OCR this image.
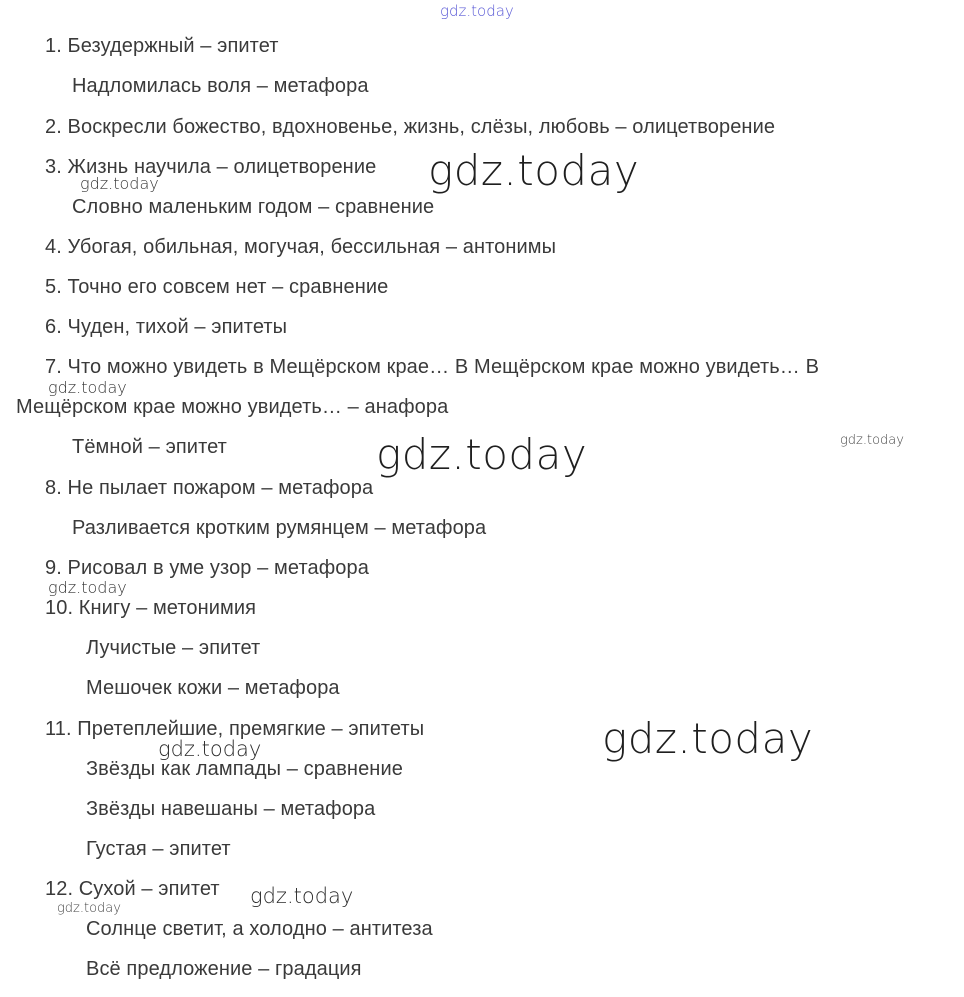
1. Безудержный – эпитет
Надломилась воля – метафора
2. Воскресли божество, вдохновенье, жизнь, слёзы, любовь – олицетворение
3. Жизнь научила – олицетворение
Словно маленьким годом – сравнение
4. Убогая, обильная, могучая, бессильная – антонимы
5. Точно его совсем нет – сравнение
6. Чуден, тихой – эпитеты
7. Что можно увидеть в Мещёрском крае… В Мещёрском крае можно увидеть… В
Мещёрском крае можно увидеть… – анафора
Тёмной – эпитет
8. Не пылает пожаром – метафора
Разливается кротким румянцем – метафора
9. Рисовал в уме узор – метафора
10. Книгу – метонимия
Лучистые – эпитет
Мешочек кожи – метафора
11. Претеплейшие, премягкие – эпитеты
Звёзды как лампады – сравнение
Звёзды навешаны – метафора
Густая – эпитет
12. Сухой – эпитет
Солнце светит, а холодно – антитеза
Всё предложение – градация
gdz.today
gdz.today
gdz.today
gdz.today
gdz.today
gdz.today
gdz.today
gdz.today
gdz.today
gdz.today
gdz.today
